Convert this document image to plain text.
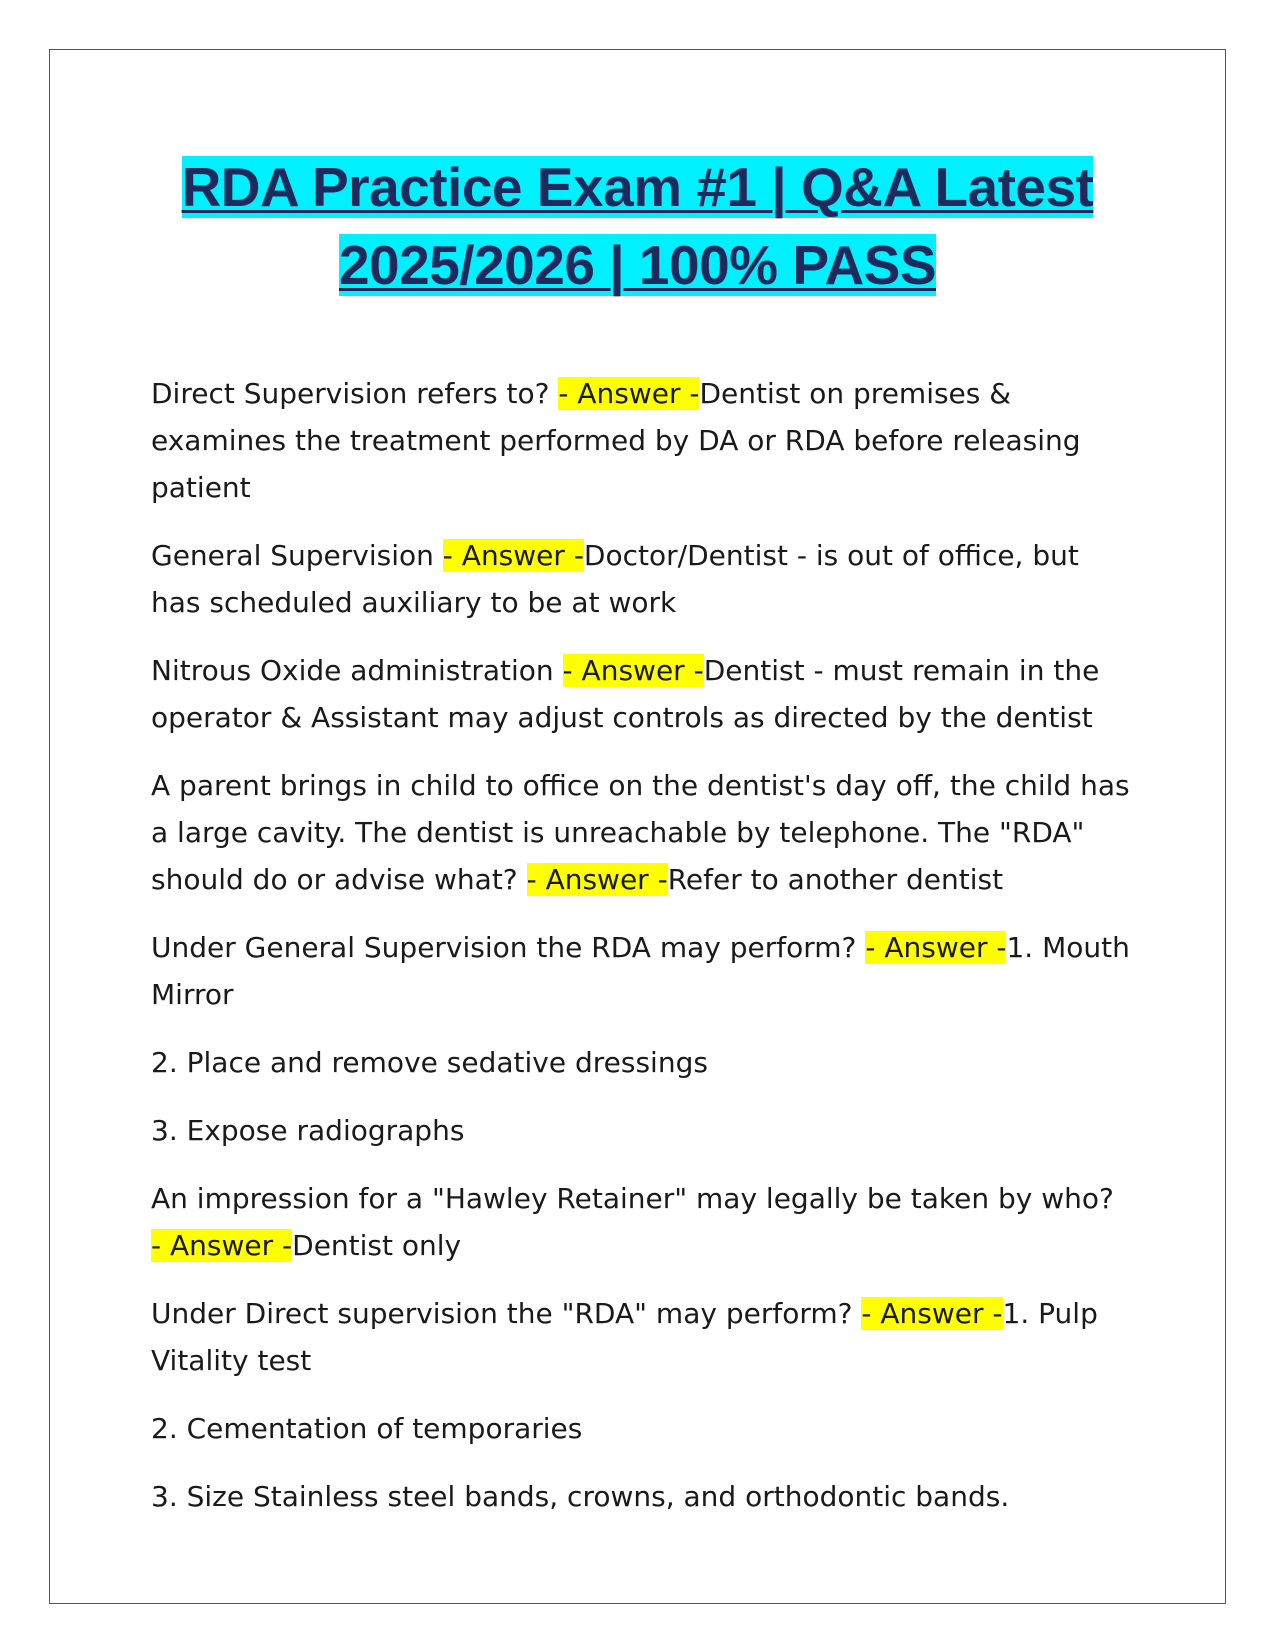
RDA Practice Exam #1 | Q&A Latest 2025/2026 | 100% PASS

Direct Supervision refers to? - Answer -Dentist on premises & examines the treatment performed by DA or RDA before releasing patient

General Supervision - Answer -Doctor/Dentist - is out of office, but has scheduled auxiliary to be at work

Nitrous Oxide administration - Answer -Dentist - must remain in the operator & Assistant may adjust controls as directed by the dentist

A parent brings in child to office on the dentist's day off, the child has a large cavity. The dentist is unreachable by telephone. The "RDA" should do or advise what? - Answer -Refer to another dentist

Under General Supervision the RDA may perform? - Answer -1. Mouth Mirror

2. Place and remove sedative dressings

3. Expose radiographs

An impression for a "Hawley Retainer" may legally be taken by who? - Answer -Dentist only

Under Direct supervision the "RDA" may perform? - Answer -1. Pulp Vitality test

2. Cementation of temporaries

3. Size Stainless steel bands, crowns, and orthodontic bands.
